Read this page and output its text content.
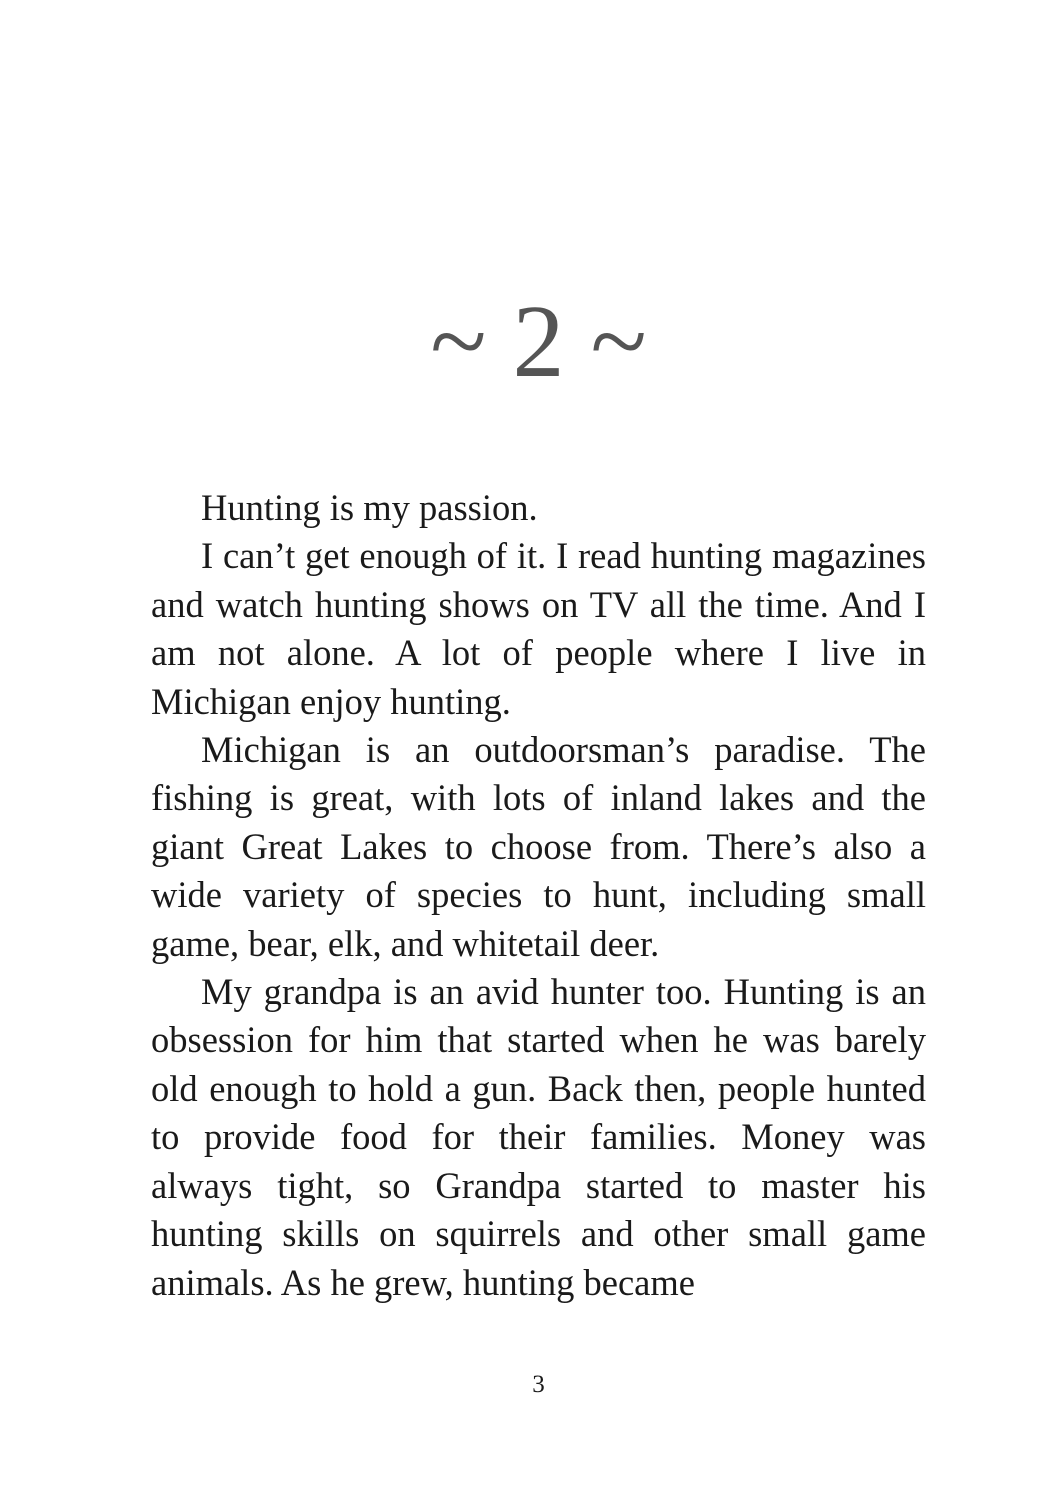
~ 2 ~

Hunting is my passion.

I can’t get enough of it. I read hunting magazines and watch hunting shows on TV all the time. And I am not alone. A lot of people where I live in Michigan enjoy hunting.

Michigan is an outdoorsman’s paradise. The fishing is great, with lots of inland lakes and the giant Great Lakes to choose from. There’s also a wide variety of species to hunt, including small game, bear, elk, and whitetail deer.

My grandpa is an avid hunter too. Hunting is an obsession for him that started when he was barely old enough to hold a gun. Back then, people hunted to provide food for their families. Money was always tight, so Grandpa started to master his hunting skills on squirrels and other small game animals. As he grew, hunting became

3
